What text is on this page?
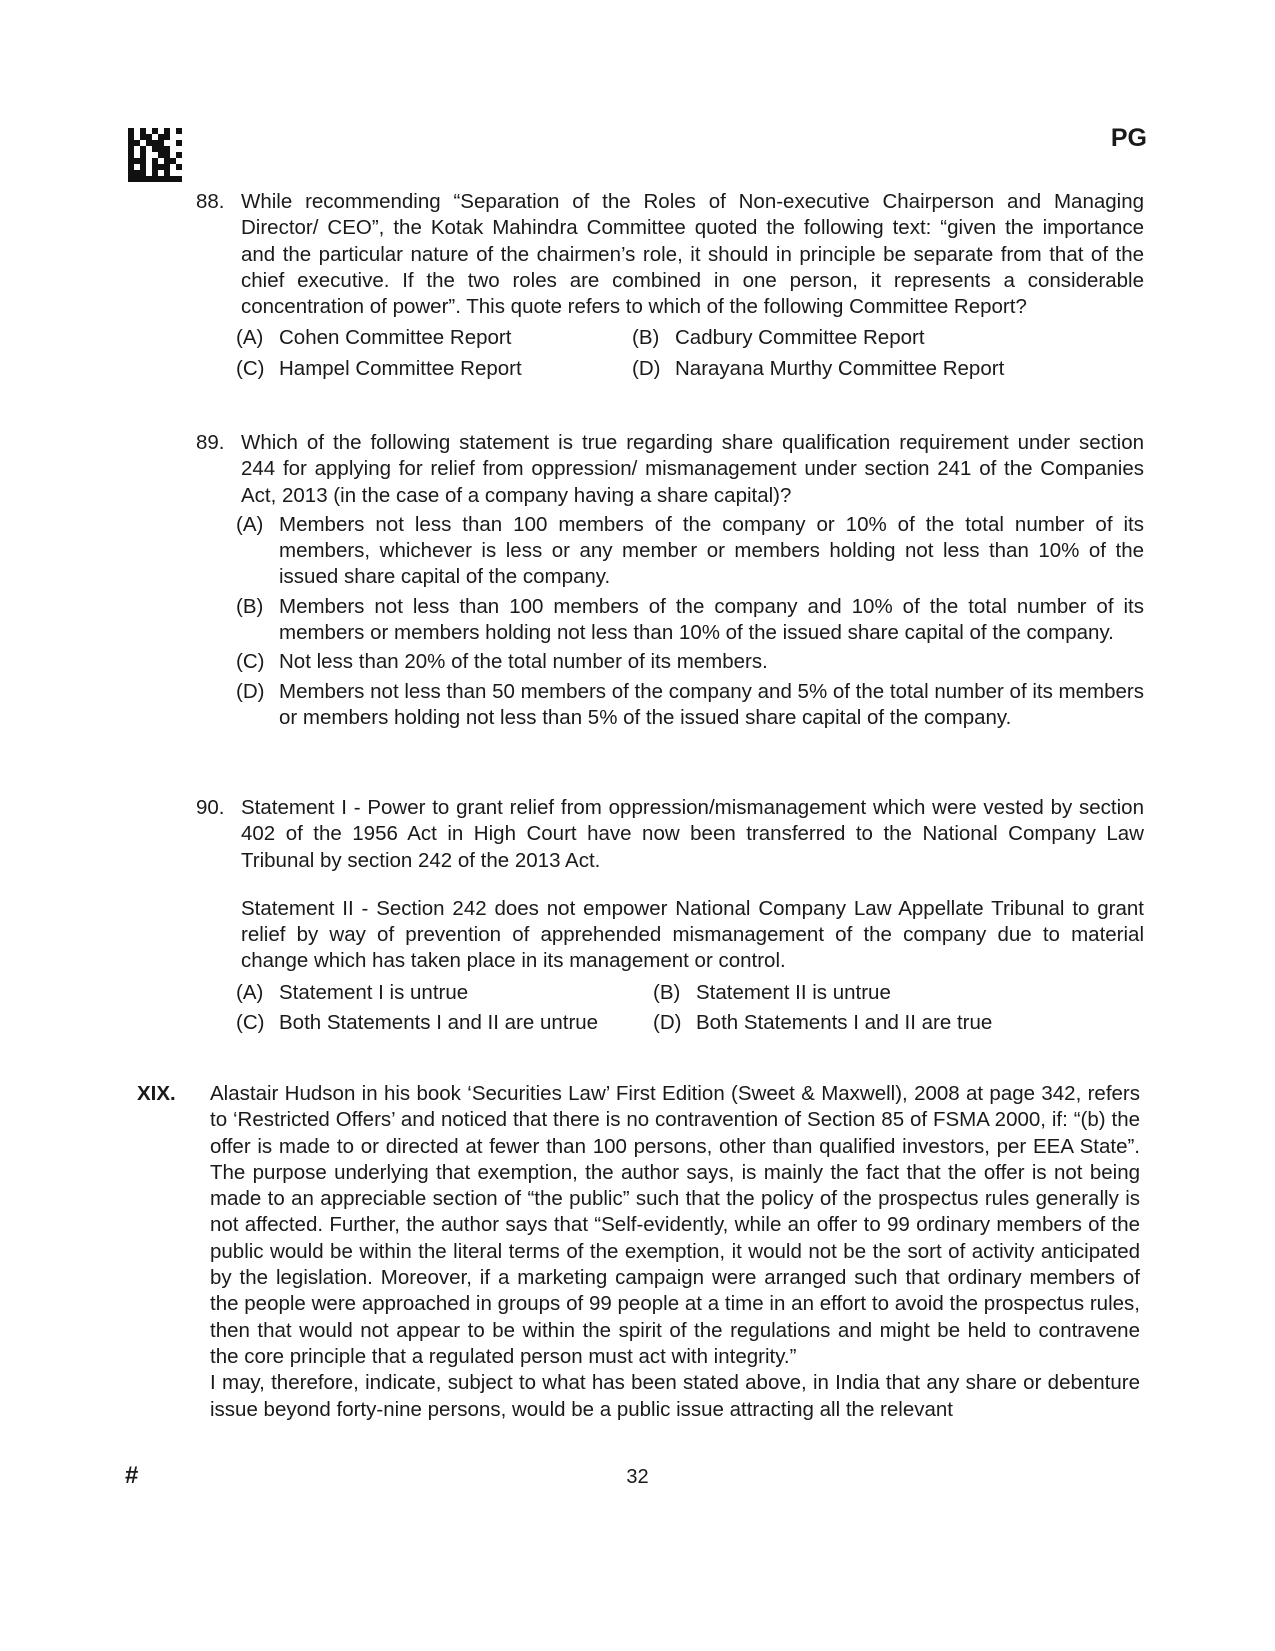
PG
88. While recommending “Separation of the Roles of Non-executive Chairperson and Managing Director/ CEO”, the Kotak Mahindra Committee quoted the following text: “given the importance and the particular nature of the chairmen’s role, it should in principle be separate from that of the chief executive. If the two roles are combined in one person, it represents a considerable concentration of power”. This quote refers to which of the following Committee Report?
(A) Cohen Committee Report	(B) Cadbury Committee Report
(C) Hampel Committee Report	(D) Narayana Murthy Committee Report
89. Which of the following statement is true regarding share qualification requirement under section 244 for applying for relief from oppression/ mismanagement under section 241 of the Companies Act, 2013 (in the case of a company having a share capital)?
(A) Members not less than 100 members of the company or 10% of the total number of its members, whichever is less or any member or members holding not less than 10% of the issued share capital of the company.
(B) Members not less than 100 members of the company and 10% of the total number of its members or members holding not less than 10% of the issued share capital of the company.
(C) Not less than 20% of the total number of its members.
(D) Members not less than 50 members of the company and 5% of the total number of its members or members holding not less than 5% of the issued share capital of the company.
90. Statement I - Power to grant relief from oppression/mismanagement which were vested by section 402 of the 1956 Act in High Court have now been transferred to the National Company Law Tribunal by section 242 of the 2013 Act.
Statement II - Section 242 does not empower National Company Law Appellate Tribunal to grant relief by way of prevention of apprehended mismanagement of the company due to material change which has taken place in its management or control.
(A) Statement I is untrue	(B) Statement II is untrue
(C) Both Statements I and II are untrue	(D) Both Statements I and II are true
XIX. Alastair Hudson in his book ‘Securities Law’ First Edition (Sweet & Maxwell), 2008 at page 342, refers to ‘Restricted Offers’ and noticed that there is no contravention of Section 85 of FSMA 2000, if: “(b) the offer is made to or directed at fewer than 100 persons, other than qualified investors, per EEA State”. The purpose underlying that exemption, the author says, is mainly the fact that the offer is not being made to an appreciable section of “the public” such that the policy of the prospectus rules generally is not affected. Further, the author says that “Self-evidently, while an offer to 99 ordinary members of the public would be within the literal terms of the exemption, it would not be the sort of activity anticipated by the legislation. Moreover, if a marketing campaign were arranged such that ordinary members of the people were approached in groups of 99 people at a time in an effort to avoid the prospectus rules, then that would not appear to be within the spirit of the regulations and might be held to contravene the core principle that a regulated person must act with integrity.”
I may, therefore, indicate, subject to what has been stated above, in India that any share or debenture issue beyond forty-nine persons, would be a public issue attracting all the relevant
#	32
